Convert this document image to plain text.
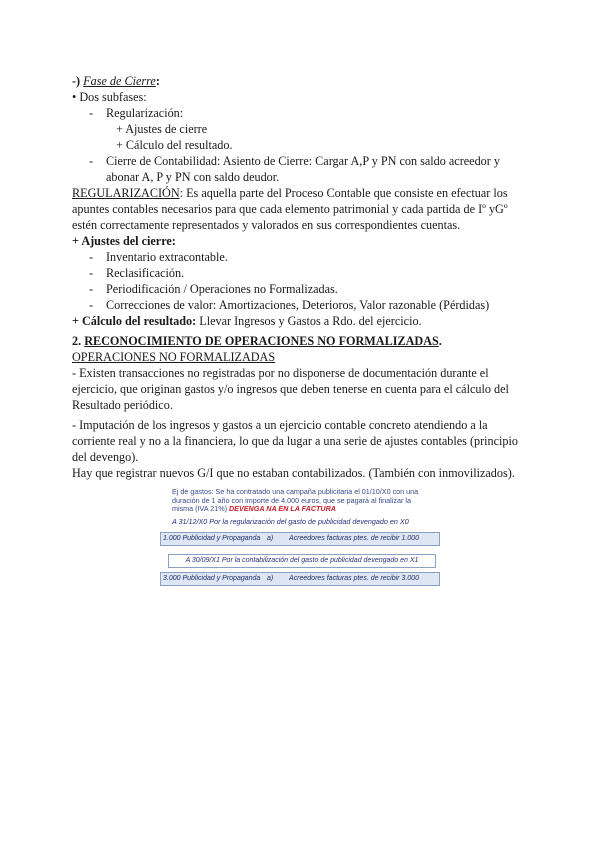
-) Fase de Cierre:
• Dos subfases:
- Regularización:
+ Ajustes de cierre
+ Cálculo del resultado.
- Cierre de Contabilidad: Asiento de Cierre: Cargar A,P y PN con saldo acreedor y
abonar A, P y PN con saldo deudor.
REGULARIZACIÓN: Es aquella parte del Proceso Contable que consiste en efectuar los
apuntes contables necesarios para que cada elemento patrimonial y cada partida de Iº yGº
estén correctamente representados y valorados en sus correspondientes cuentas.
+ Ajustes del cierre:
- Inventario extracontable.
- Reclasificación.
- Periodificación / Operaciones no Formalizadas.
- Correcciones de valor: Amortizaciones, Deterioros, Valor razonable (Pérdidas)
+ Cálculo del resultado: Llevar Ingresos y Gastos a Rdo. del ejercicio.
2. RECONOCIMIENTO DE OPERACIONES NO FORMALIZADAS.
OPERACIONES NO FORMALIZADAS
- Existen transacciones no registradas por no disponerse de documentación durante el
ejercicio, que originan gastos y/o ingresos que deben tenerse en cuenta para el cálculo del
Resultado periódico.
- Imputación de los ingresos y gastos a un ejercicio contable concreto atendiendo a la
corriente real y no a la financiera, lo que da lugar a una serie de ajustes contables (principio
del devengo).
Hay que registrar nuevos G/I que no estaban contabilizados. (También con inmovilizados).
Ej de gastos: Se ha contratado una campaña publicitaria el 01/10/X0 con una
duración de 1 año con importe de 4.000 euros, que se pagará al finalizar la
misma (IVA 21%) DEVENGA NA EN LA FACTURA
A 31/12/X0 Por la regularización del gasto de publicidad devengado en X0
1.000 Publicidad y Propaganda a) Acreedores facturas ptes. de recibir 1.000
A 30/09/X1 Por la contabilización del gasto de publicidad devengado en X1
3.000 Publicidad y Propaganda a) Acreedores facturas ptes. de recibir 3.000
